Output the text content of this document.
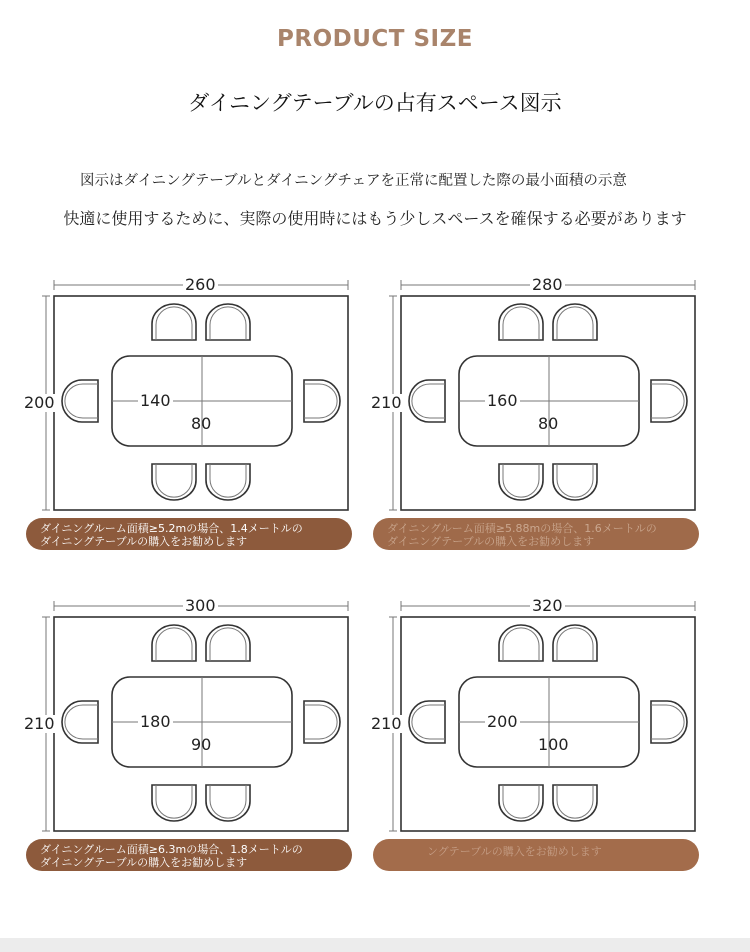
PRODUCT SIZE
ダイニングテーブルの占有スペース図示
図示はダイニングテーブルとダイニングチェアを正常に配置した際の最小面積の示意
快適に使用するために、実際の使用時にはもう少しスペースを確保する必要があります
260
200	140
80
ダイニングルーム面積≥5.2mの場合、1.4メートルの
ダイニングテーブルの購入をお勧めします
280
210	160
80
ダイニングルーム面積≥5.88mの場合、1.6メートルの
ダイニングテーブルの購入をお勧めします
300
210	180
90
ダイニングルーム面積≥6.3mの場合、1.8メートルの
ダイニングテーブルの購入をお勧めします
320
210	200
100
ングテーブルの購入をお勧めします
